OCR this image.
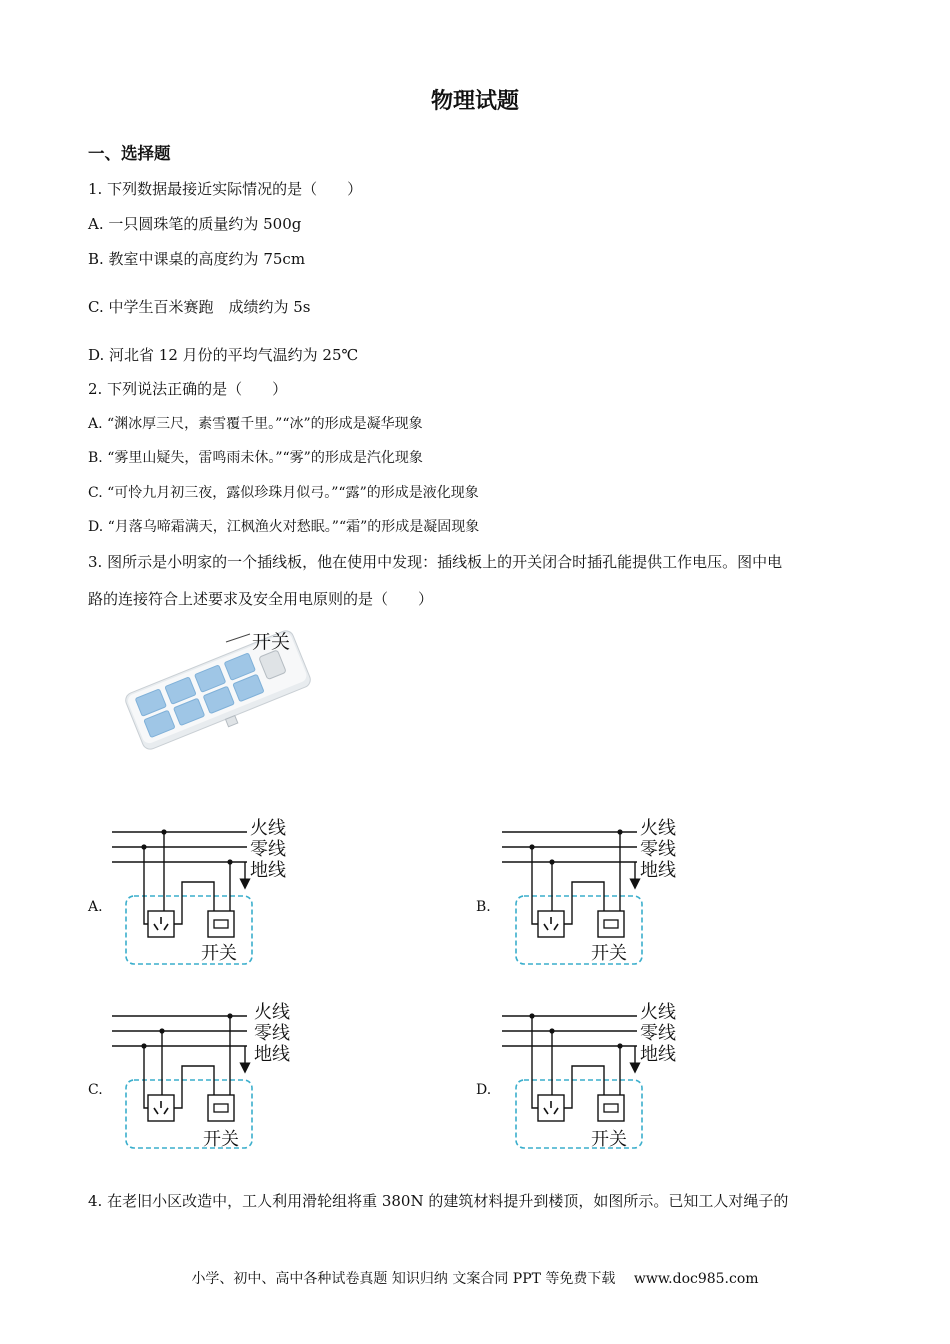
物理试题
一、选择题
1. 下列数据最接近实际情况的是（　　）
A. 一只圆珠笔的质量约为 500g
B. 教室中课桌的高度约为 75cm
C. 中学生百米赛跑　成绩约为 5s
D. 河北省 12 月份的平均气温约为 25℃
2. 下列说法正确的是（　　）
A. “渊冰厚三尺，素雪覆千里。”“冰”的形成是凝华现象
B. “雾里山疑失，雷鸣雨未休。”“雾”的形成是汽化现象
C. “可怜九月初三夜，露似珍珠月似弓。”“露”的形成是液化现象
D. “月落乌啼霜满天，江枫渔火对愁眠。”“霜”的形成是凝固现象
3. 图所示是小明家的一个插线板，他在使用中发现：插线板上的开关闭合时插孔能提供工作电压。图中电
路的连接符合上述要求及安全用电原则的是（　　）
开关
火线
零线
地线
开关
A.
火线
零线
地线
开关
B.
火线
零线
地线
开关
C.
火线
零线
地线
开关
D.
4. 在老旧小区改造中，工人利用滑轮组将重 380N 的建筑材料提升到楼顶，如图所示。已知工人对绳子的
小学、初中、高中各种试卷真题 知识归纳 文案合同 PPT 等免费下载　 www.doc985.com
